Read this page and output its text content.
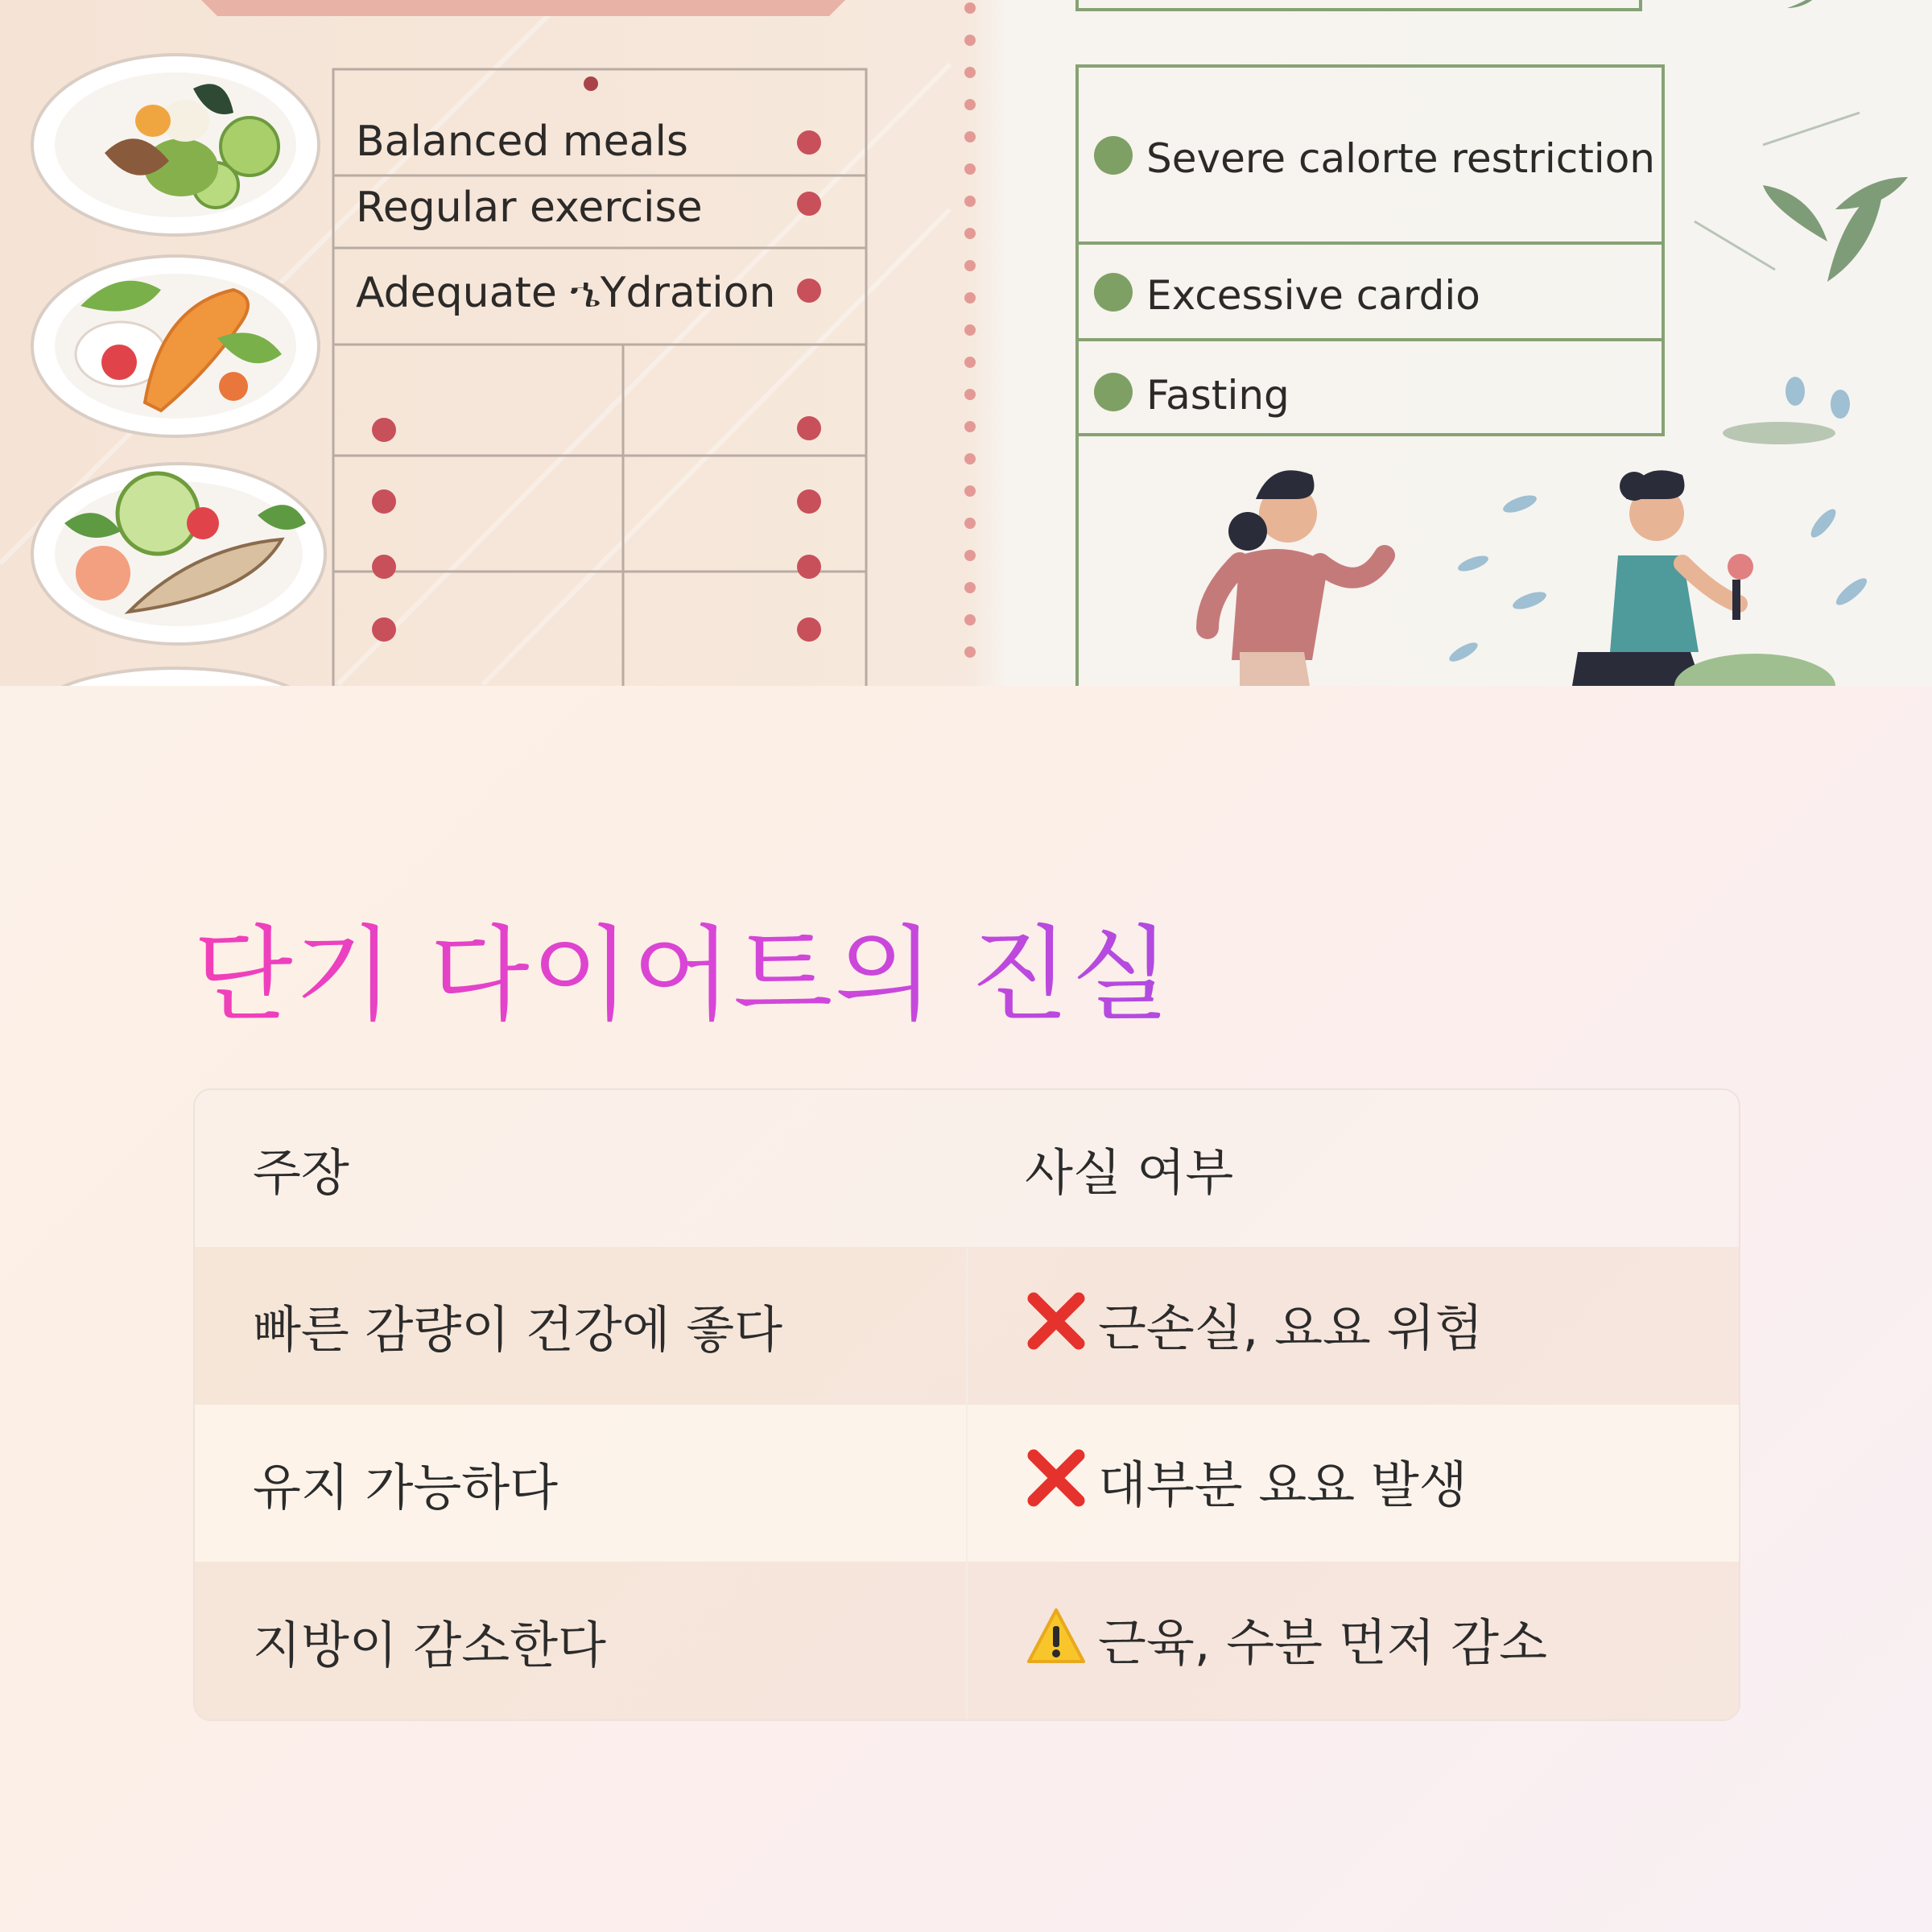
Balanced meals
Regular exercise
Adequate ኄYdration
Severe calorte restriction
Excessive cardio
Fasting
단기 다이어트의 진실
주장	사실 여부
빠른 감량이 건강에 좋다	근손실, 요요 위험
유지 가능하다	대부분 요요 발생
지방이 감소한다	근육, 수분 먼저 감소
